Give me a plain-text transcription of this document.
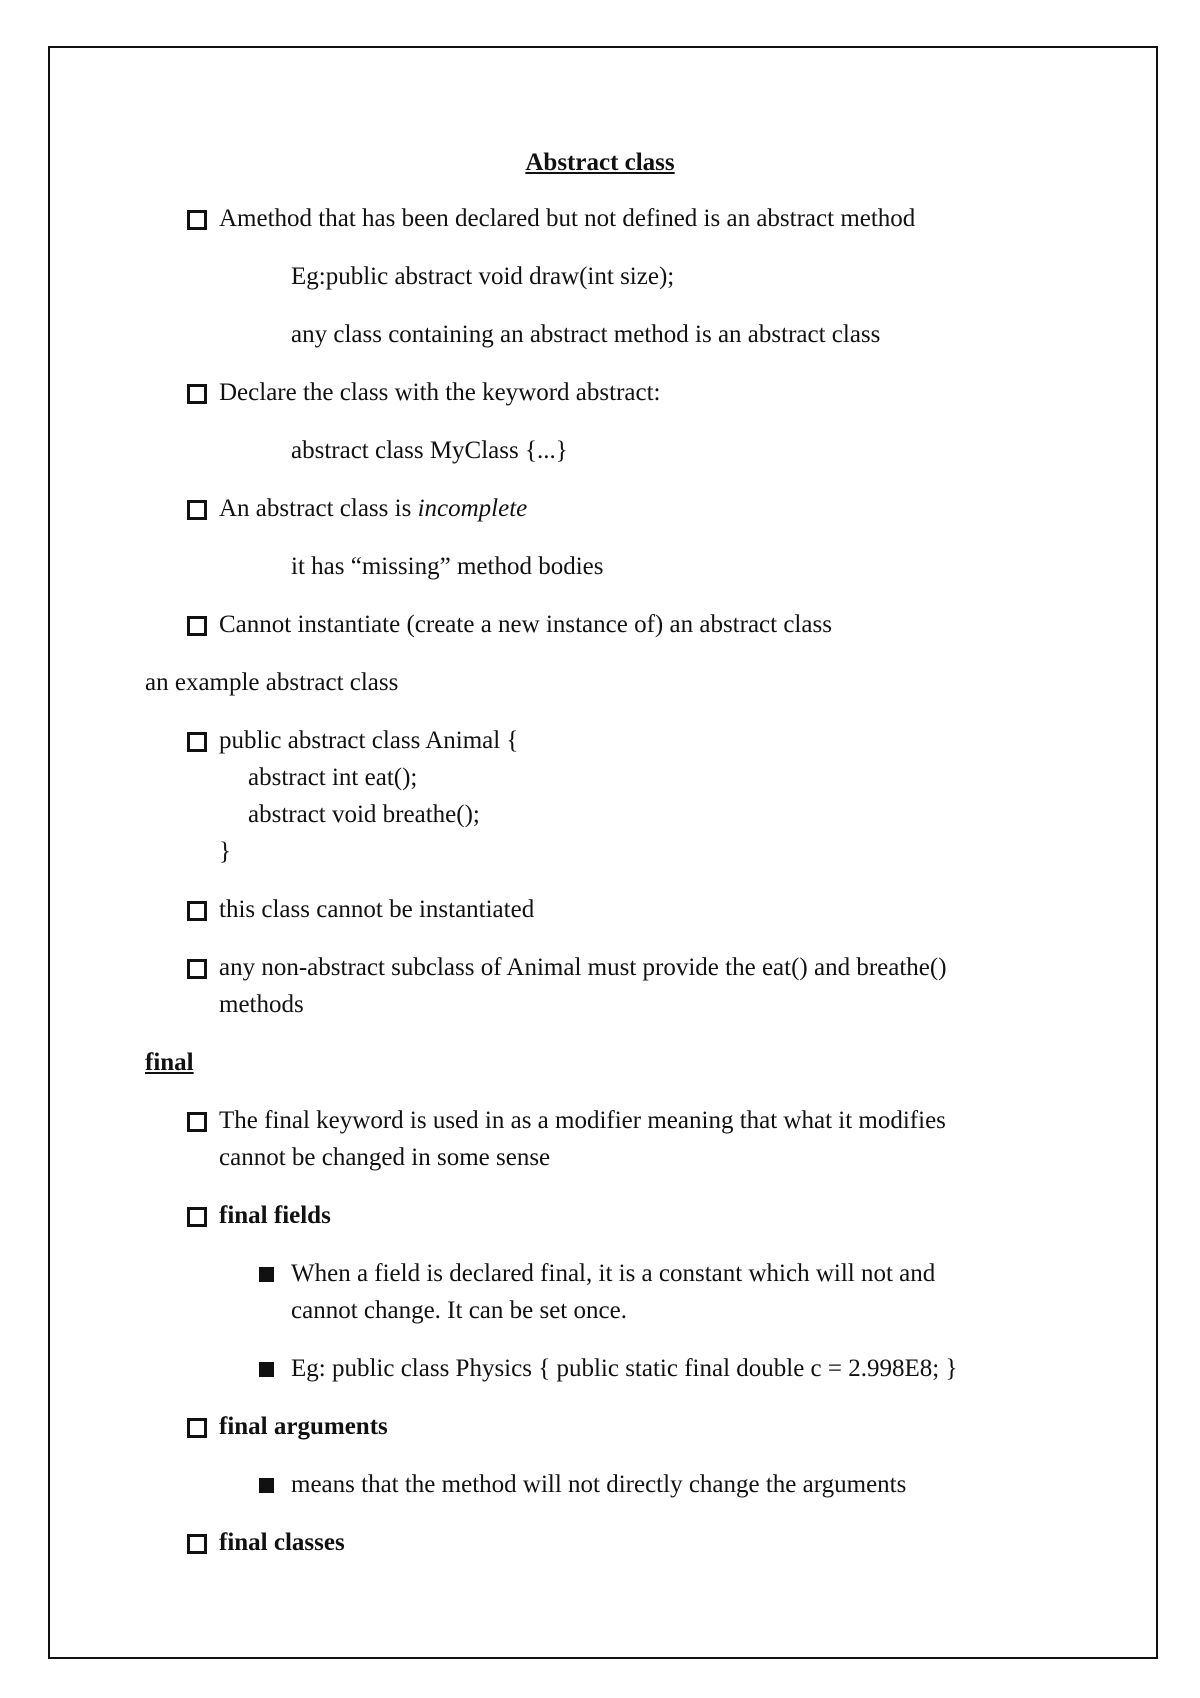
Abstract class
Amethod that has been declared but not defined is an abstract method
Eg:public abstract void draw(int size);
any class containing an abstract method is an abstract class
Declare the class with the keyword abstract:
abstract class MyClass {...}
An abstract class is incomplete
it has “missing” method bodies
Cannot instantiate (create a new instance of) an abstract class
an example abstract class
public abstract class Animal {
abstract int eat();
abstract void breathe();
}
this class cannot be instantiated
any non-abstract subclass of Animal must provide the eat() and breathe()
methods
final
The final keyword is used in as a modifier meaning that what it modifies
cannot be changed in some sense
final fields
When a field is declared final, it is a constant which will not and
cannot change. It can be set once.
Eg: public class Physics { public static final double c = 2.998E8; }
final arguments
means that the method will not directly change the arguments
final classes
